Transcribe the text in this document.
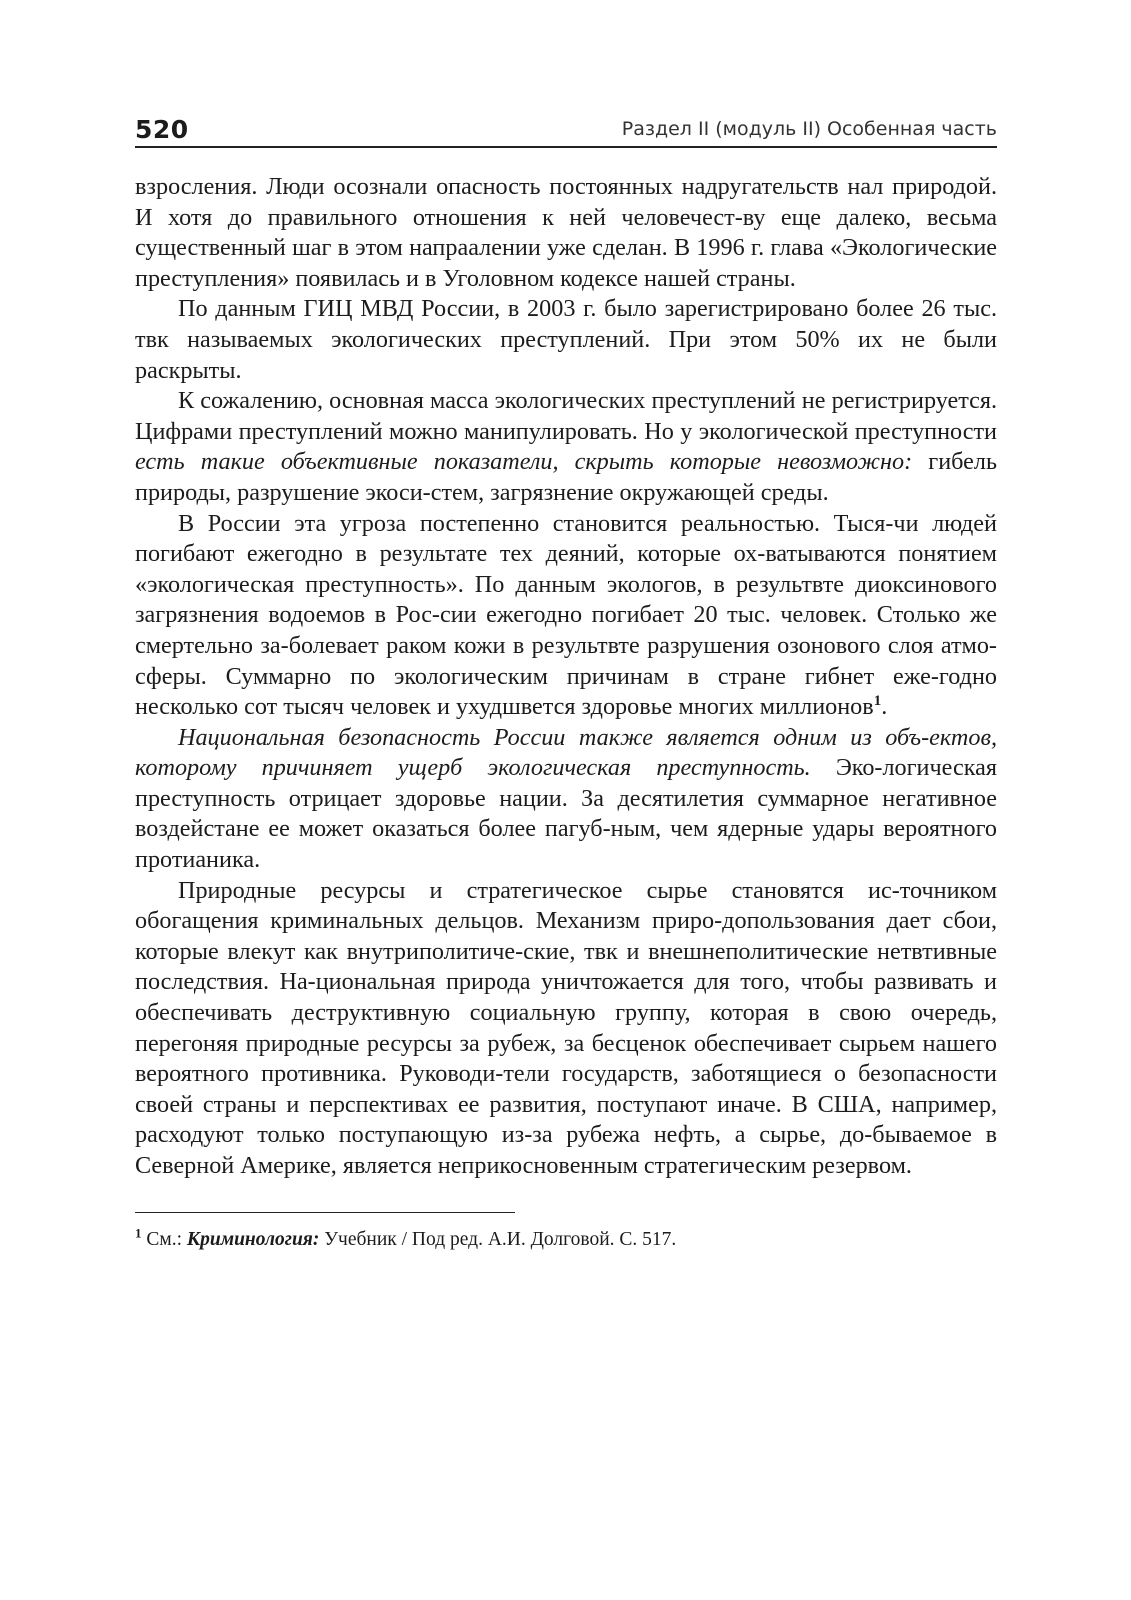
520	Раздел II (модуль II) Особенная часть

взросления. Люди осознали опасность постоянных надругательств нал природой. И хотя до правильного отношения к ней человечест-ву еще далеко, весьма существенный шаг в этом напраалении уже сделан. В 1996 г. глава «Экологические преступления» появилась и в Уголовном кодексе нашей страны.

По данным ГИЦ МВД России, в 2003 г. было зарегистрировано более 26 тыс. твк называемых экологических преступлений. При этом 50% их не были раскрыты.

К сожалению, основная масса экологических преступлений не регистрируется. Цифрами преступлений можно манипулировать. Но у экологической преступности есть такие объективные показатели, скрыть которые невозможно: гибель природы, разрушение экоси-стем, загрязнение окружающей среды.

В России эта угроза постепенно становится реальностью. Тыся-чи людей погибают ежегодно в результате тех деяний, которые ох-ватываются понятием «экологическая преступность». По данным экологов, в результвте диоксинового загрязнения водоемов в Рос-сии ежегодно погибает 20 тыс. человек. Столько же смертельно за-болевает раком кожи в результвте разрушения озонового слоя атмо-сферы. Суммарно по экологическим причинам в стране гибнет еже-годно несколько сот тысяч человек и ухудшвется здоровье многих миллионов$^1$.

Национальная безопасность России также является одним из объ-ектов, которому причиняет ущерб экологическая преступность. Эко-логическая преступность отрицает здоровье нации. За десятилетия суммарное негативное воздейстане ее может оказаться более пагуб-ным, чем ядерные удары вероятного протианика.

Природные ресурсы и стратегическое сырье становятся ис-точником обогащения криминальных дельцов. Механизм приро-допользования дает сбои, которые влекут как внутриполитиче-ские, твк и внешнеполитические нетвтивные последствия. На-циональная природа уничтожается для того, чтобы развивать и обеспечивать деструктивную социальную группу, которая в свою очередь, перегоняя природные ресурсы за рубеж, за бесценок обеспечивает сырьем нашего вероятного противника. Руководи-тели государств, заботящиеся о безопасности своей страны и перспективах ее развития, поступают иначе. В США, например, расходуют только поступающую из-за рубежа нефть, а сырье, до-бываемое в Северной Америке, является неприкосновенным стратегическим резервом.

$^1$ См.: Криминология: Учебник / Под ред. А.И. Долговой. С. 517.
